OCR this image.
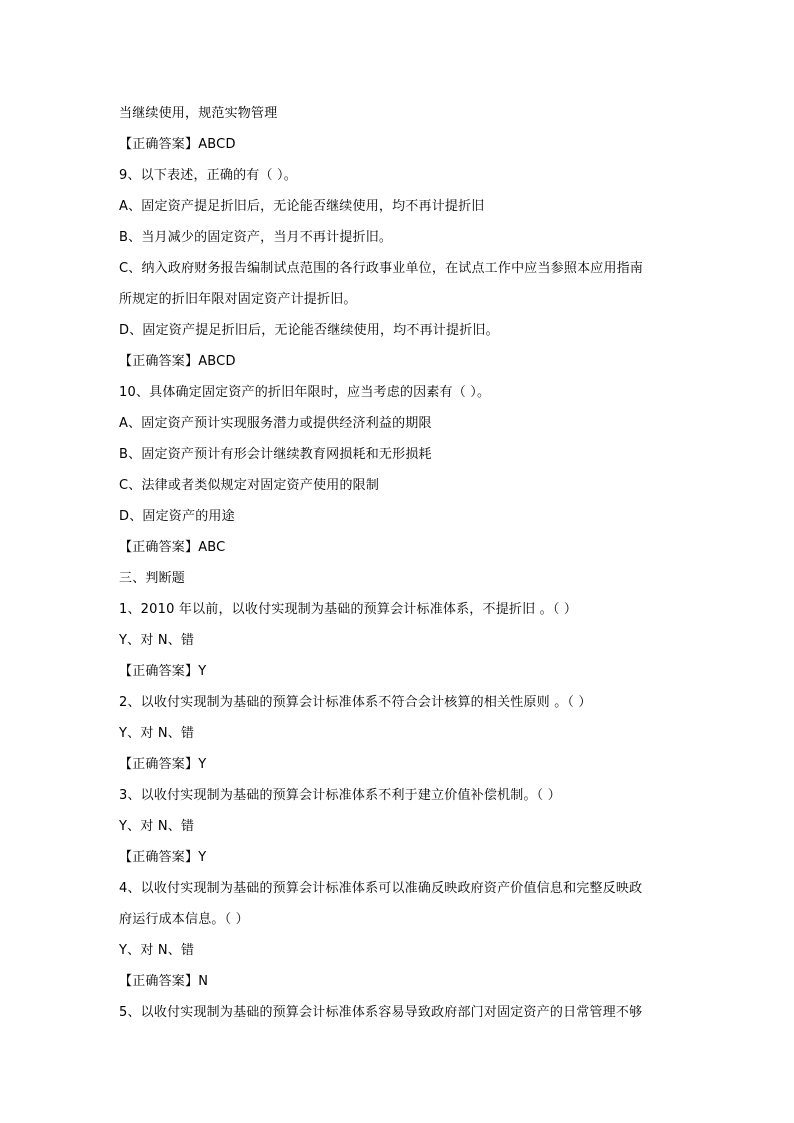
当继续使用，规范实物管理
【正确答案】ABCD
9、以下表述，正确的有（ ）。
A、固定资产提足折旧后，无论能否继续使用，均不再计提折旧
B、当月减少的固定资产，当月不再计提折旧。
C、纳入政府财务报告编制试点范围的各行政事业单位，在试点工作中应当参照本应用指南
所规定的折旧年限对固定资产计提折旧。
D、固定资产提足折旧后，无论能否继续使用，均不再计提折旧。
【正确答案】ABCD
10、具体确定固定资产的折旧年限时，应当考虑的因素有（ ）。
A、固定资产预计实现服务潜力或提供经济利益的期限
B、固定资产预计有形会计继续教育网损耗和无形损耗
C、法律或者类似规定对固定资产使用的限制
D、固定资产的用途
【正确答案】ABC
三、判断题
1、2010 年以前，以收付实现制为基础的预算会计标准体系，不提折旧 。（ ）
Y、对 N、错
【正确答案】Y
2、以收付实现制为基础的预算会计标准体系不符合会计核算的相关性原则 。（ ）
Y、对 N、错
【正确答案】Y
3、以收付实现制为基础的预算会计标准体系不利于建立价值补偿机制。（ ）
Y、对 N、错
【正确答案】Y
4、以收付实现制为基础的预算会计标准体系可以准确反映政府资产价值信息和完整反映政
府运行成本信息。（ ）
Y、对 N、错
【正确答案】N
5、以收付实现制为基础的预算会计标准体系容易导致政府部门对固定资产的日常管理不够
